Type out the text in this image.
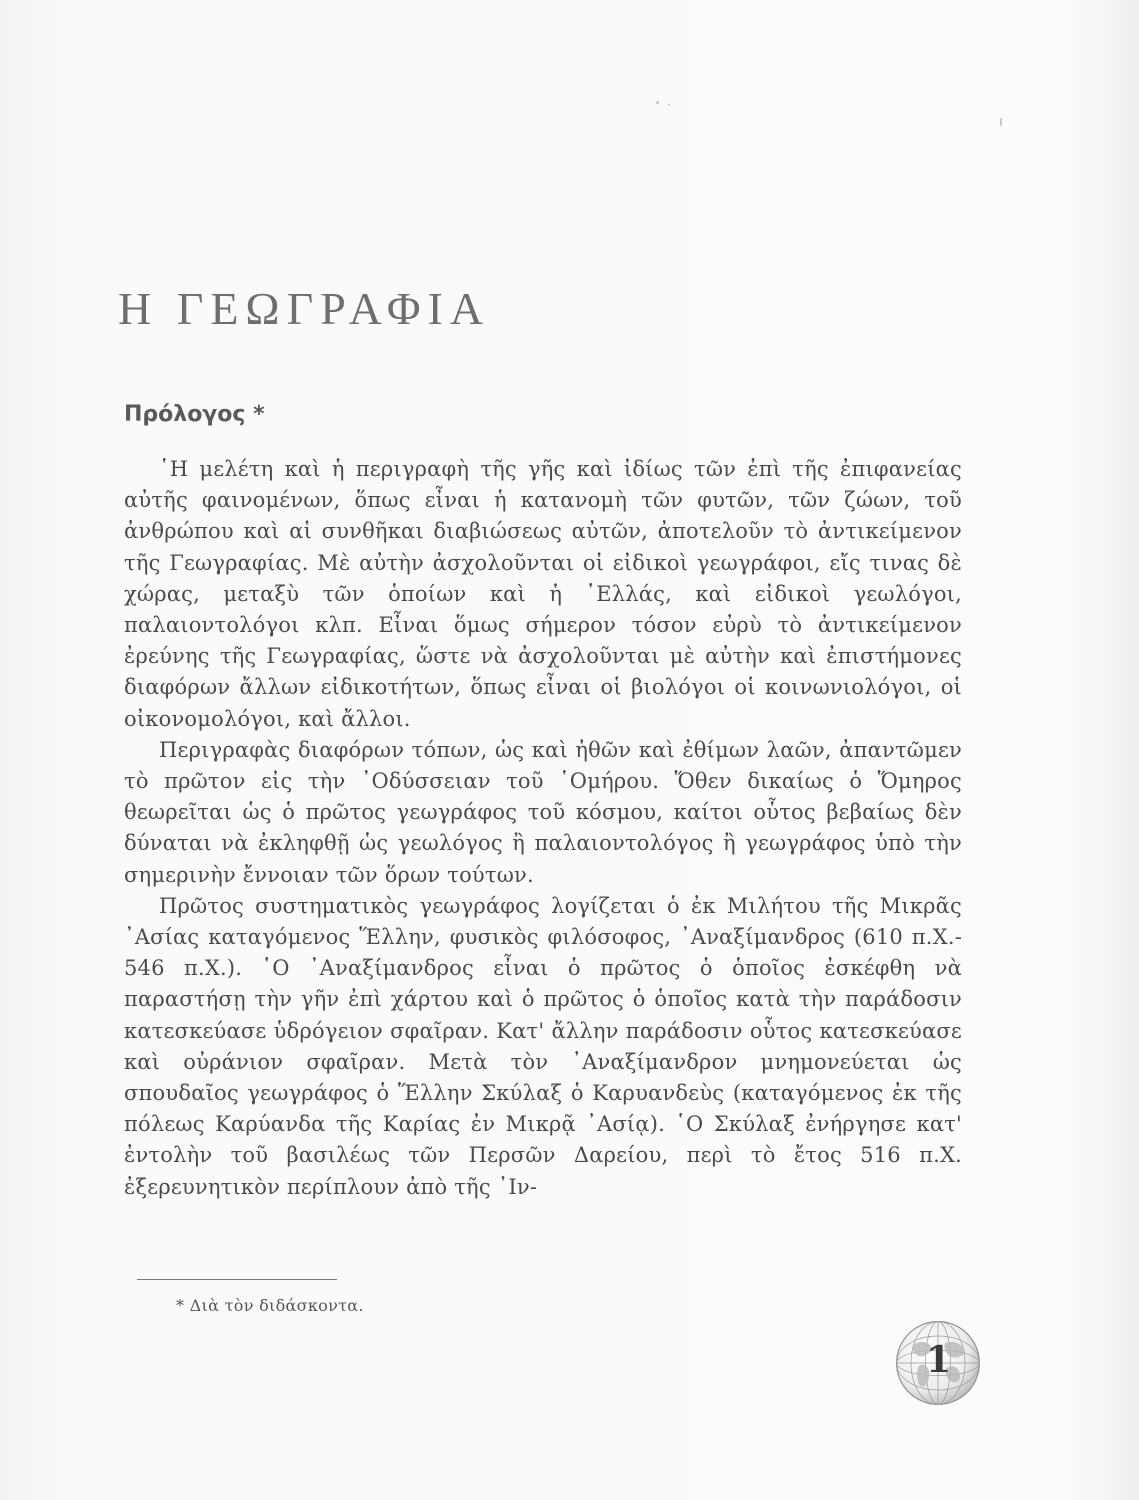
Η ΓΕΩΓΡΑΦΙΑ
Πρόλογος *

῾Η μελέτη καὶ ἡ περιγραφὴ τῆς γῆς καὶ ἰδίως τῶν ἐπὶ τῆς ἐπιφανείας αὐτῆς φαινομένων, ὅπως εἶναι ἡ κατανομὴ τῶν φυτῶν, τῶν ζώων, τοῦ ἀνθρώπου καὶ αἱ συνθῆκαι διαβιώσεως αὐτῶν, ἀποτελοῦν τὸ ἀντικείμενον τῆς Γεωγραφίας. Μὲ αὐτὴν ἀσχολοῦνται οἱ εἰδικοὶ γεωγράφοι, εἴς τινας δὲ χώρας, μεταξὺ τῶν ὁποίων καὶ ἡ ῾Ελλάς, καὶ εἰδικοὶ γεωλόγοι, παλαιοντολόγοι κλπ. Εἶναι ὅμως σήμερον τόσον εὐρὺ τὸ ἀντικείμενον ἐρεύνης τῆς Γεωγραφίας, ὥστε νὰ ἀσχολοῦνται μὲ αὐτὴν καὶ ἐπιστήμονες διαφόρων ἄλλων εἰδικοτήτων, ὅπως εἶναι οἱ βιολόγοι οἱ κοινωνιολόγοι, οἱ οἰκονομολόγοι, καὶ ἄλλοι.

Περιγραφὰς διαφόρων τόπων, ὡς καὶ ἠθῶν καὶ ἐθίμων λαῶν, ἀπαντῶμεν τὸ πρῶτον εἰς τὴν ᾿Οδύσσειαν τοῦ ῾Ομήρου. Ὅθεν δικαίως ὁ Ὅμηρος θεωρεῖται ὡς ὁ πρῶτος γεωγράφος τοῦ κόσμου, καίτοι οὗτος βεβαίως δὲν δύναται νὰ ἐκληφθῇ ὡς γεωλόγος ἢ παλαιοντολόγος ἢ γεωγράφος ὑπὸ τὴν σημερινὴν ἔννοιαν τῶν ὅρων τούτων.

Πρῶτος συστηματικὸς γεωγράφος λογίζεται ὁ ἐκ Μιλήτου τῆς Μικρᾶς ᾿Ασίας καταγόμενος Ἕλλην, φυσικὸς φιλόσοφος, ᾿Αναξίμανδρος (610 π.Χ.- 546 π.Χ.). ῾Ο ᾿Αναξίμανδρος εἶναι ὁ πρῶτος ὁ ὁποῖος ἐσκέφθη νὰ παραστήσῃ τὴν γῆν ἐπὶ χάρτου καὶ ὁ πρῶτος ὁ ὁποῖος κατὰ τὴν παράδοσιν κατεσκεύασε ὑδρόγειον σφαῖραν. Κατ' ἄλλην παράδοσιν οὗτος κατεσκεύασε καὶ οὐράνιον σφαῖραν. Μετὰ τὸν ᾿Αναξίμανδρον μνημονεύεται ὡς σπουδαῖος γεωγράφος ὁ Ἕλλην Σκύλαξ ὁ Καρυανδεὺς (καταγόμενος ἐκ τῆς πόλεως Καρύανδα τῆς Καρίας ἐν Μικρᾷ ᾿Ασίᾳ). ῾Ο Σκύλαξ ἐνήργησε κατ' ἐντολὴν τοῦ βασιλέως τῶν Περσῶν Δαρείου, περὶ τὸ ἔτος 516 π.Χ. ἐξερευνητικὸν περίπλουν ἀπὸ τῆς ᾿Ιν-

* Διὰ τὸν διδάσκοντα.
1
